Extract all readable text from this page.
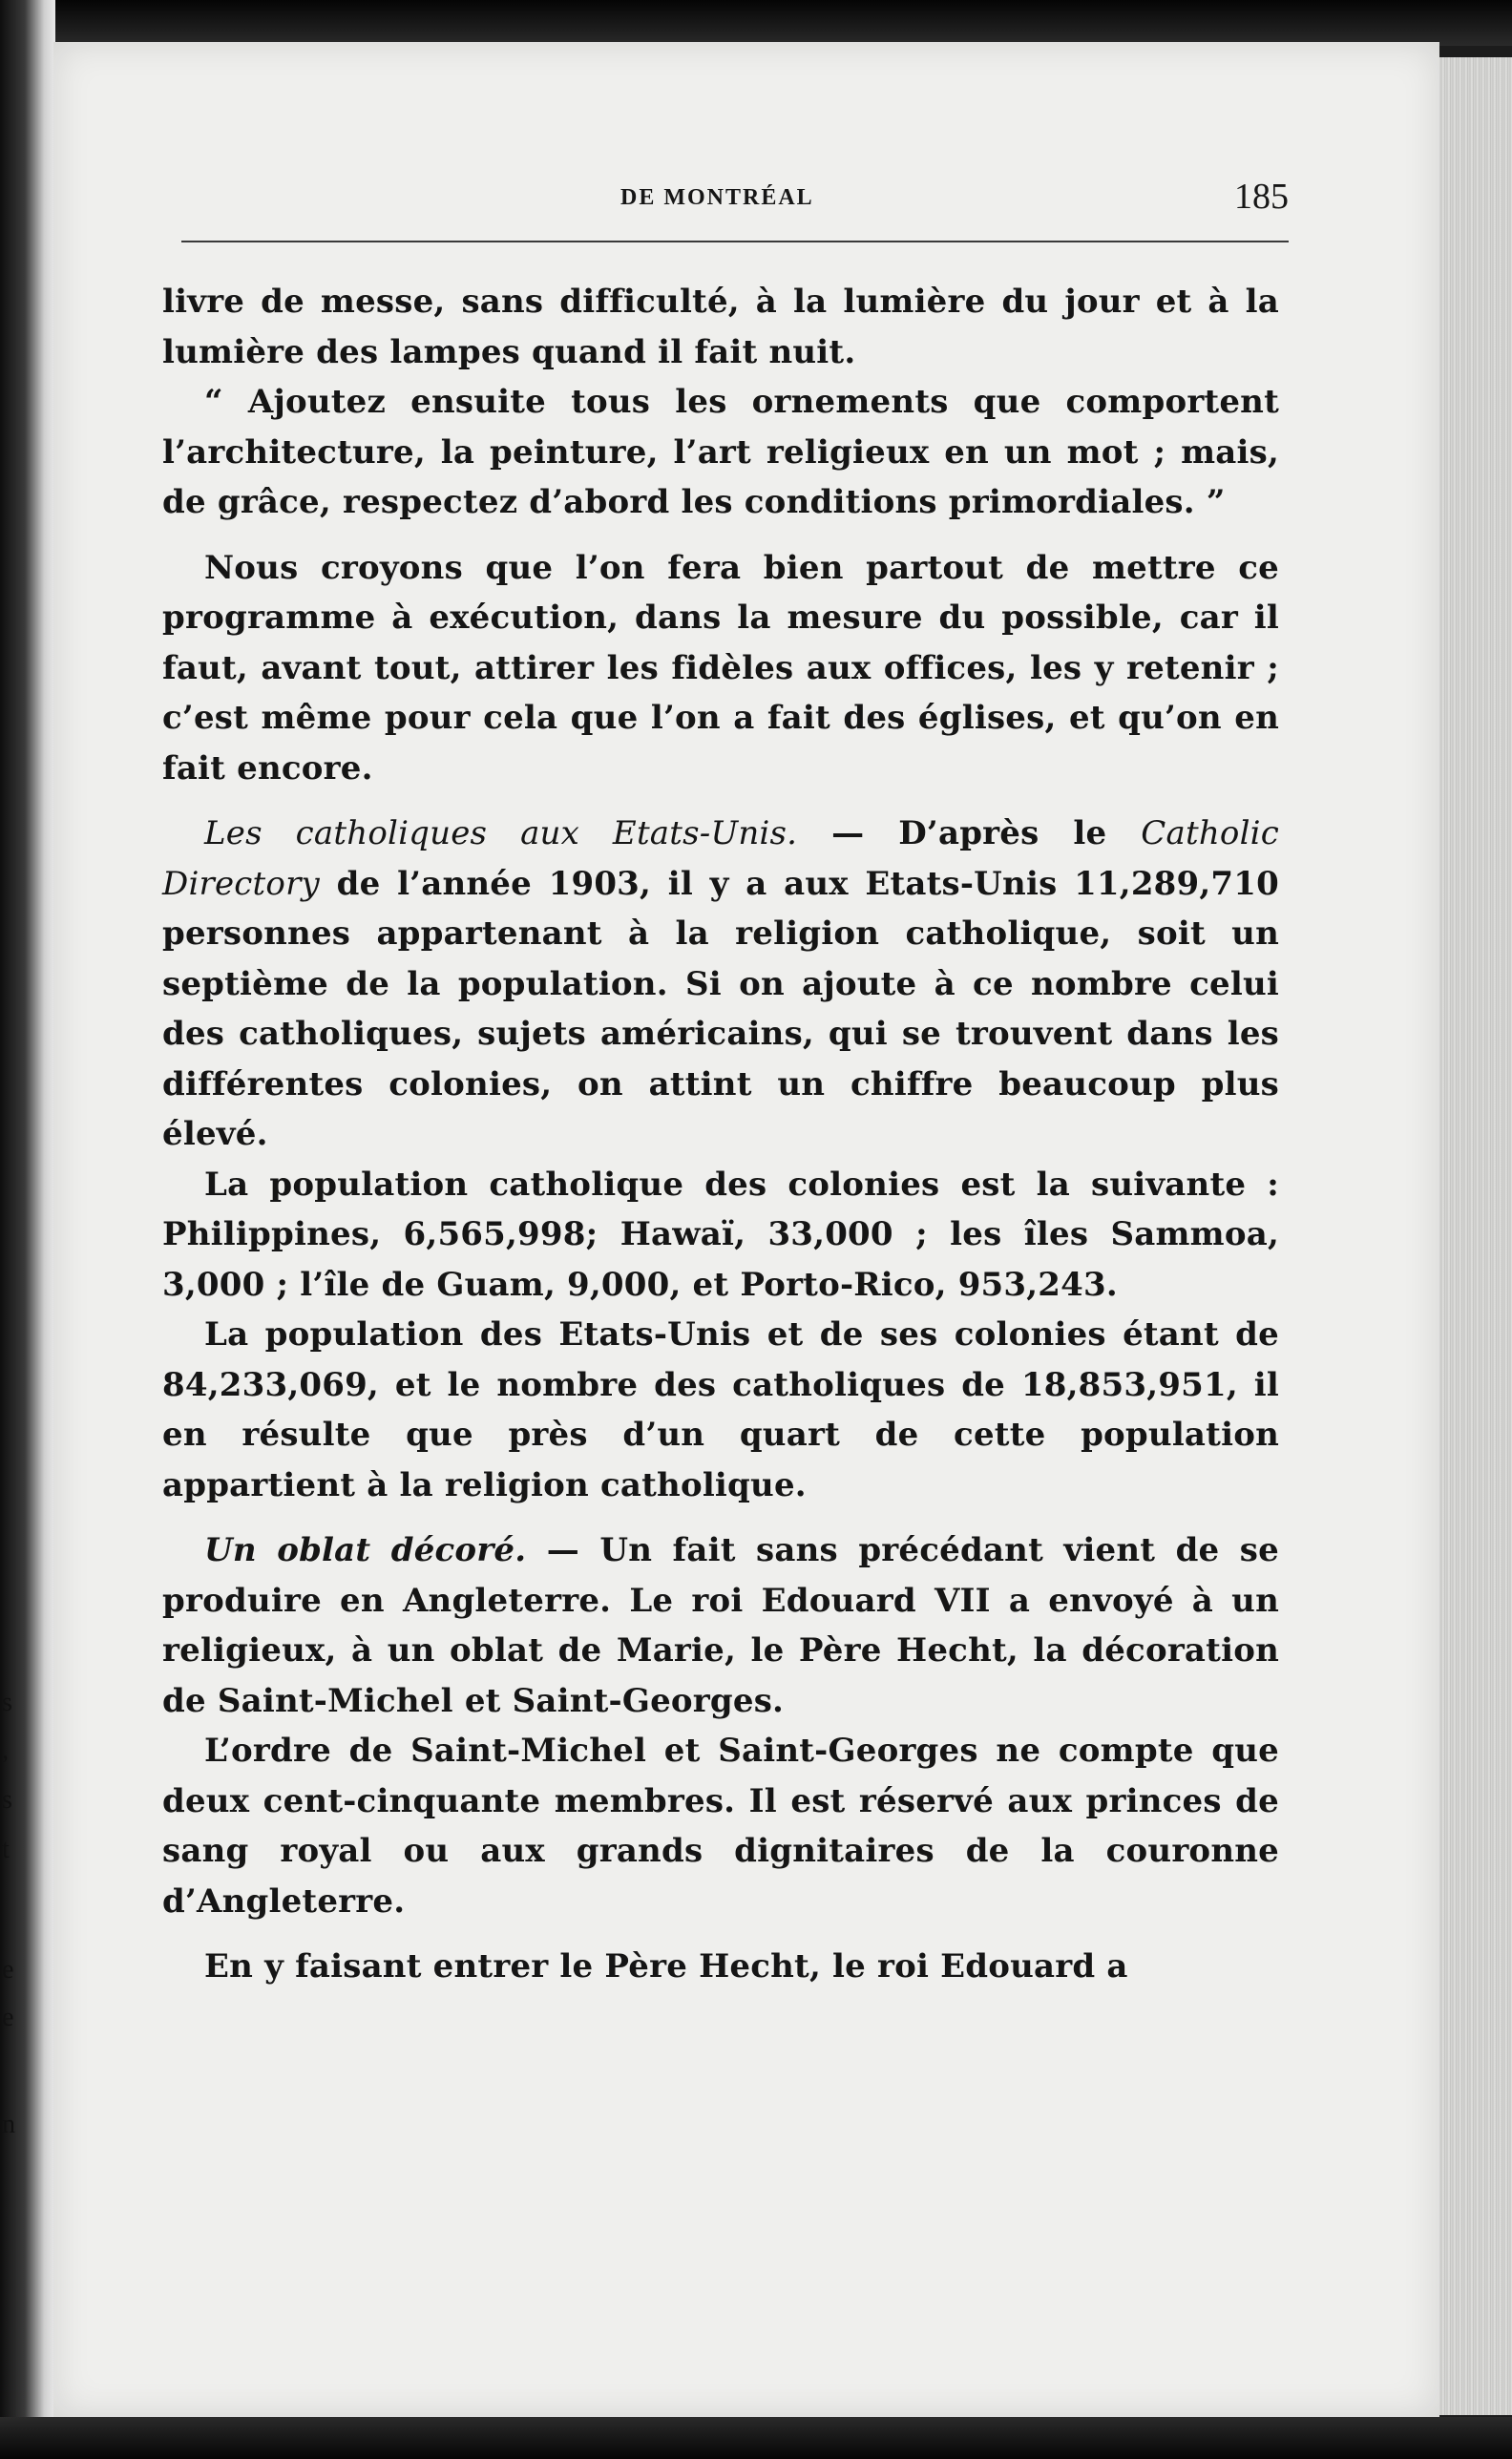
s
,
s
t
e
e
n
DE MONTRÉAL	185

livre de messe, sans difficulté, à la lumière du jour et à la lumière des lampes quand il fait nuit.

“ Ajoutez ensuite tous les ornements que comportent l’architecture, la peinture, l’art religieux en un mot ; mais, de grâce, respectez d’abord les conditions primordiales. ”

Nous croyons que l’on fera bien partout de mettre ce programme à exécution, dans la mesure du possible, car il faut, avant tout, attirer les fidèles aux offices, les y retenir ; c’est même pour cela que l’on a fait des églises, et qu’on en fait encore.

Les catholiques aux Etats-Unis. — D’après le Catholic Directory de l’année 1903, il y a aux Etats-Unis 11,289,710 personnes appartenant à la religion catholique, soit un septième de la population. Si on ajoute à ce nombre celui des catholiques, sujets américains, qui se trouvent dans les différentes colonies, on attint un chiffre beaucoup plus élevé.

La population catholique des colonies est la suivante : Philippines, 6,565,998; Hawaï, 33,000 ; les îles Sammoa, 3,000 ; l’île de Guam, 9,000, et Porto-Rico, 953,243.

La population des Etats-Unis et de ses colonies étant de 84,233,069, et le nombre des catholiques de 18,853,951, il en résulte que près d’un quart de cette population appartient à la religion catholique.

Un oblat décoré. — Un fait sans précédant vient de se produire en Angleterre. Le roi Edouard VII a envoyé à un religieux, à un oblat de Marie, le Père Hecht, la décoration de Saint-Michel et Saint-Georges.

L’ordre de Saint-Michel et Saint-Georges ne compte que deux cent-cinquante membres. Il est réservé aux princes de sang royal ou aux grands dignitaires de la couronne d’Angleterre.

En y faisant entrer le Père Hecht, le roi Edouard a
